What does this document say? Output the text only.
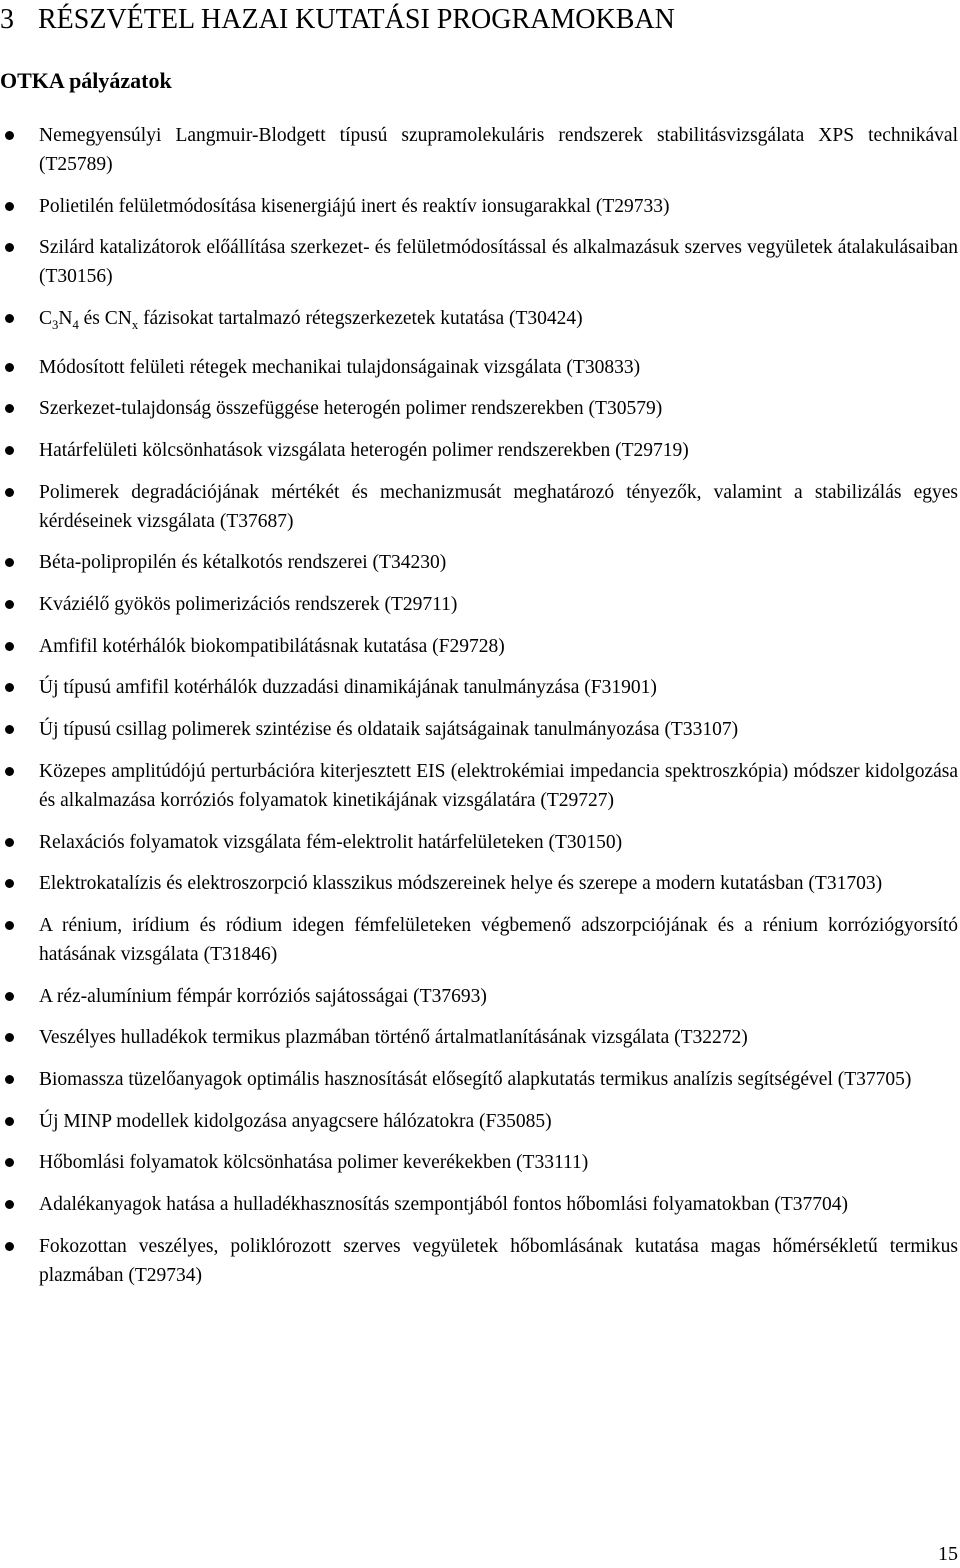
3 RÉSZVÉTEL HAZAI KUTATÁSI PROGRAMOKBAN
OTKA pályázatok
Nemegyensúlyi Langmuir-Blodgett típusú szupramolekuláris rendszerek stabilitásvizsgálata XPS technikával (T25789)
Polietilén felületmódosítása kisenergiájú inert és reaktív ionsugarakkal (T29733)
Szilárd katalizátorok előállítása szerkezet- és felületmódosítással és alkalmazásuk szerves vegyületek átalakulásaiban (T30156)
$C_3N_4$ és $CN_x$ fázisokat tartalmazó rétegszerkezetek kutatása (T30424)
Módosított felületi rétegek mechanikai tulajdonságainak vizsgálata (T30833)
Szerkezet-tulajdonság összefüggése heterogén polimer rendszerekben (T30579)
Határfelületi kölcsönhatások vizsgálata heterogén polimer rendszerekben (T29719)
Polimerek degradációjának mértékét és mechanizmusát meghatározó tényezők, valamint a stabilizálás egyes kérdéseinek vizsgálata (T37687)
Béta-polipropilén és kétalkotós rendszerei (T34230)
Kváziélő gyökös polimerizációs rendszerek (T29711)
Amfifil kotérhálók biokompatibilátásnak kutatása (F29728)
Új típusú amfifil kotérhálók duzzadási dinamikájának tanulmányzása (F31901)
Új típusú csillag polimerek szintézise és oldataik sajátságainak tanulmányozása (T33107)
Közepes amplitúdójú perturbációra kiterjesztett EIS (elektrokémiai impedancia spektroszkópia) módszer kidolgozása és alkalmazása korróziós folyamatok kinetikájának vizsgálatára (T29727)
Relaxációs folyamatok vizsgálata fém-elektrolit határfelületeken (T30150)
Elektrokatalízis és elektroszorpció klasszikus módszereinek helye és szerepe a modern kutatásban (T31703)
A rénium, irídium és ródium idegen fémfelületeken végbemenő adszorpciójának és a rénium korróziógyorsító hatásának vizsgálata (T31846)
A réz-alumínium fémpár korróziós sajátosságai (T37693)
Veszélyes hulladékok termikus plazmában történő ártalmatlanításának vizsgálata (T32272)
Biomassza tüzelőanyagok optimális hasznosítását elősegítő alapkutatás termikus analízis segítségével (T37705)
Új MINP modellek kidolgozása anyagcsere hálózatokra (F35085)
Hőbomlási folyamatok kölcsönhatása polimer keverékekben (T33111)
Adalékanyagok hatása a hulladékhasznosítás szempontjából fontos hőbomlási folyamatokban (T37704)
Fokozottan veszélyes, poliklórozott szerves vegyületek hőbomlásának kutatása magas hőmérsékletű termikus plazmában (T29734)
15
